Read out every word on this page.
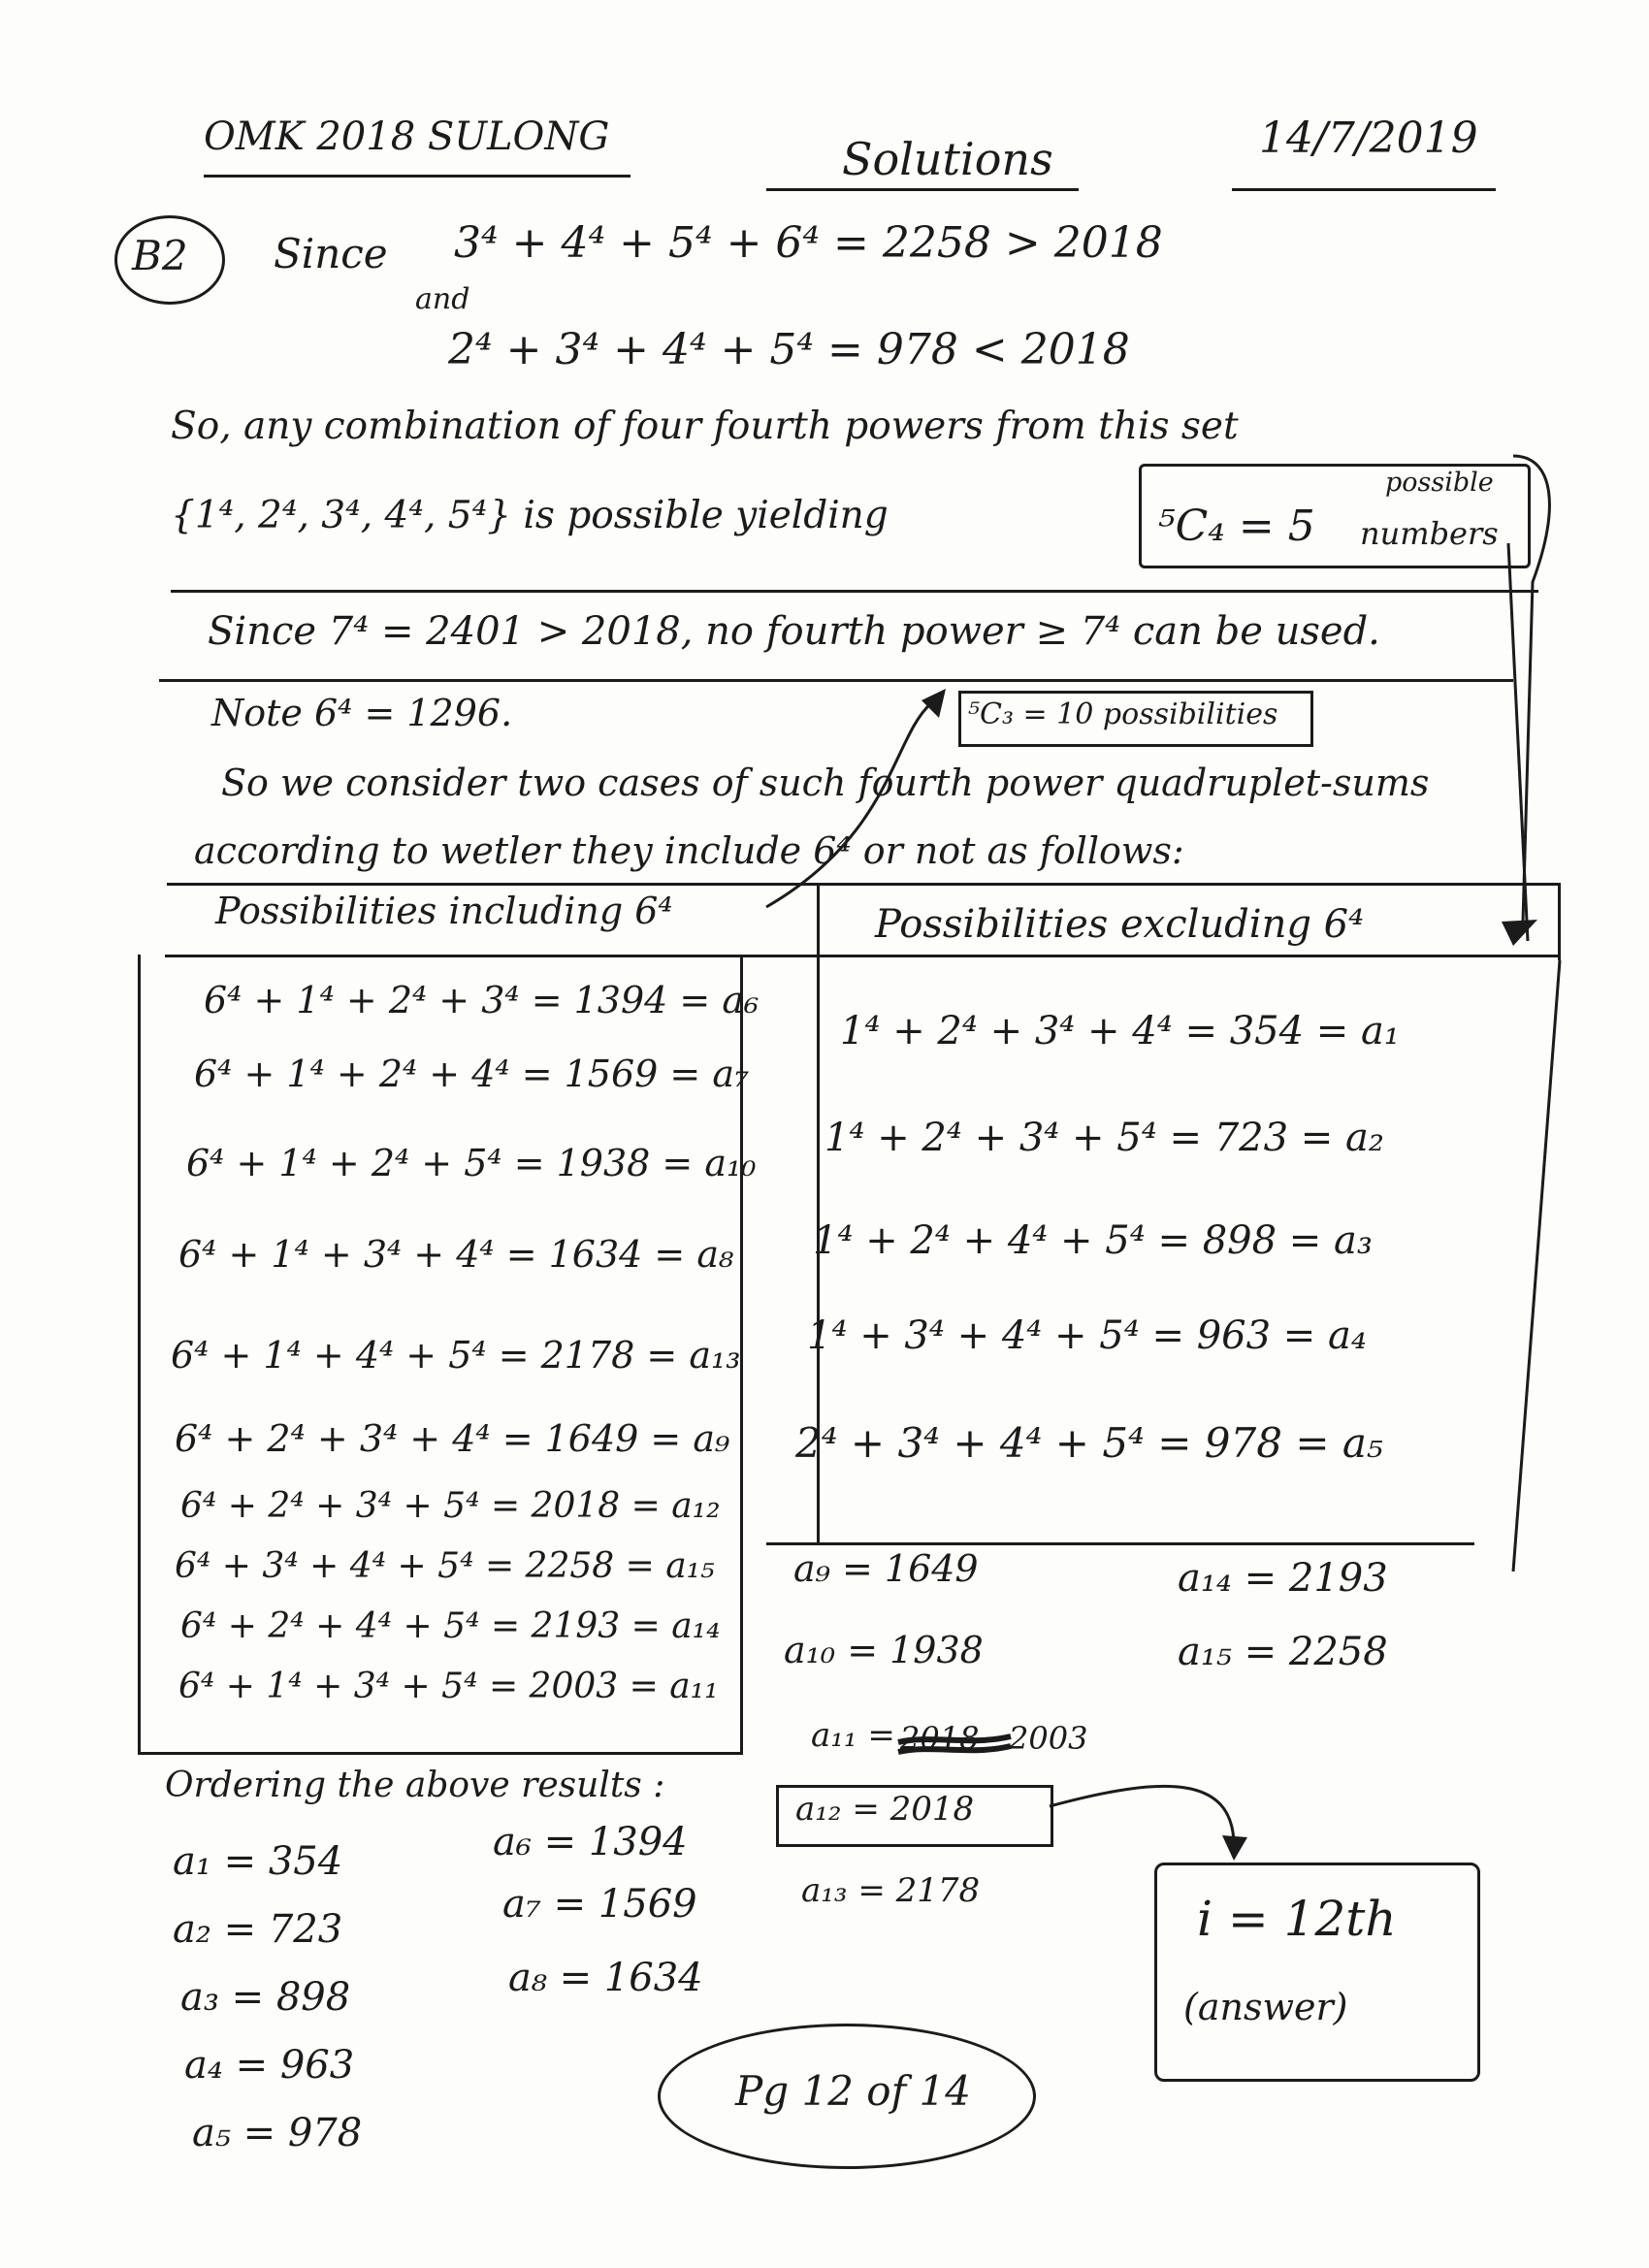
OMK 2018 SULONG	Solutions	14/7/2019
B2 Since 3⁴ + 4⁴ + 5⁴ + 6⁴ = 2258 > 2018
and
2⁴ + 3⁴ + 4⁴ + 5⁴ = 978 < 2018
So, any combination of four fourth powers from this set
{1⁴, 2⁴, 3⁴, 4⁴, 5⁴} is possible yielding	⁵C₄ = 5
possible
numbers
Since 7⁴ = 2401 > 2018, no fourth power ≥ 7⁴ can be used.
Note 6⁴ = 1296.	⁵C₃ = 10 possibilities
So we consider two cases of such fourth power quadruplet-sums
according to wetler they include 6⁴ or not as follows:
Possibilities including 6⁴	Possibilities excluding 6⁴
6⁴ + 1⁴ + 2⁴ + 3⁴ = 1394 = a₆
6⁴ + 1⁴ + 2⁴ + 4⁴ = 1569 = a₇
6⁴ + 1⁴ + 2⁴ + 5⁴ = 1938 = a₁₀
6⁴ + 1⁴ + 3⁴ + 4⁴ = 1634 = a₈
6⁴ + 1⁴ + 4⁴ + 5⁴ = 2178 = a₁₃
6⁴ + 2⁴ + 3⁴ + 4⁴ = 1649 = a₉
6⁴ + 2⁴ + 3⁴ + 5⁴ = 2018 = a₁₂
6⁴ + 3⁴ + 4⁴ + 5⁴ = 2258 = a₁₅
6⁴ + 2⁴ + 4⁴ + 5⁴ = 2193 = a₁₄
6⁴ + 1⁴ + 3⁴ + 5⁴ = 2003 = a₁₁
1⁴ + 2⁴ + 3⁴ + 4⁴ = 354 = a₁
1⁴ + 2⁴ + 3⁴ + 5⁴ = 723 = a₂
1⁴ + 2⁴ + 4⁴ + 5⁴ = 898 = a₃
1⁴ + 3⁴ + 4⁴ + 5⁴ = 963 = a₄
2⁴ + 3⁴ + 4⁴ + 5⁴ = 978 = a₅
a₉ = 1649
a₁₀ = 1938
a₁₁ = 2018 2003
a₁₂ = 2018
a₁₃ = 2178
a₁₄ = 2193
a₁₅ = 2258
Ordering the above results :
a₁ = 354
a₂ = 723
a₃ = 898
a₄ = 963
a₅ = 978
a₆ = 1394
a₇ = 1569
a₈ = 1634
i = 12th
(answer)
Pg 12 of 14
